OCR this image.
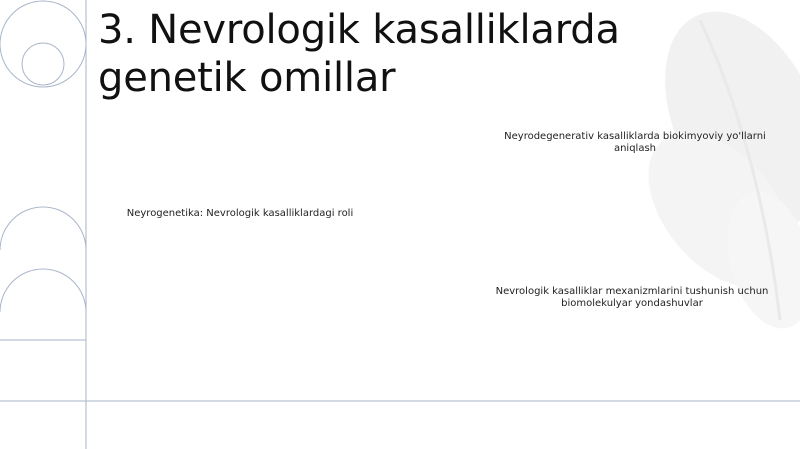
3. Nevrologik kasalliklarda genetik omillar
Neyrodegenerativ kasalliklarda biokimyoviy yo'llarni aniqlash
Neyrogenetika: Nevrologik kasalliklardagi roli
Nevrologik kasalliklar mexanizmlarini tushunish uchun biomolekulyar yondashuvlar
